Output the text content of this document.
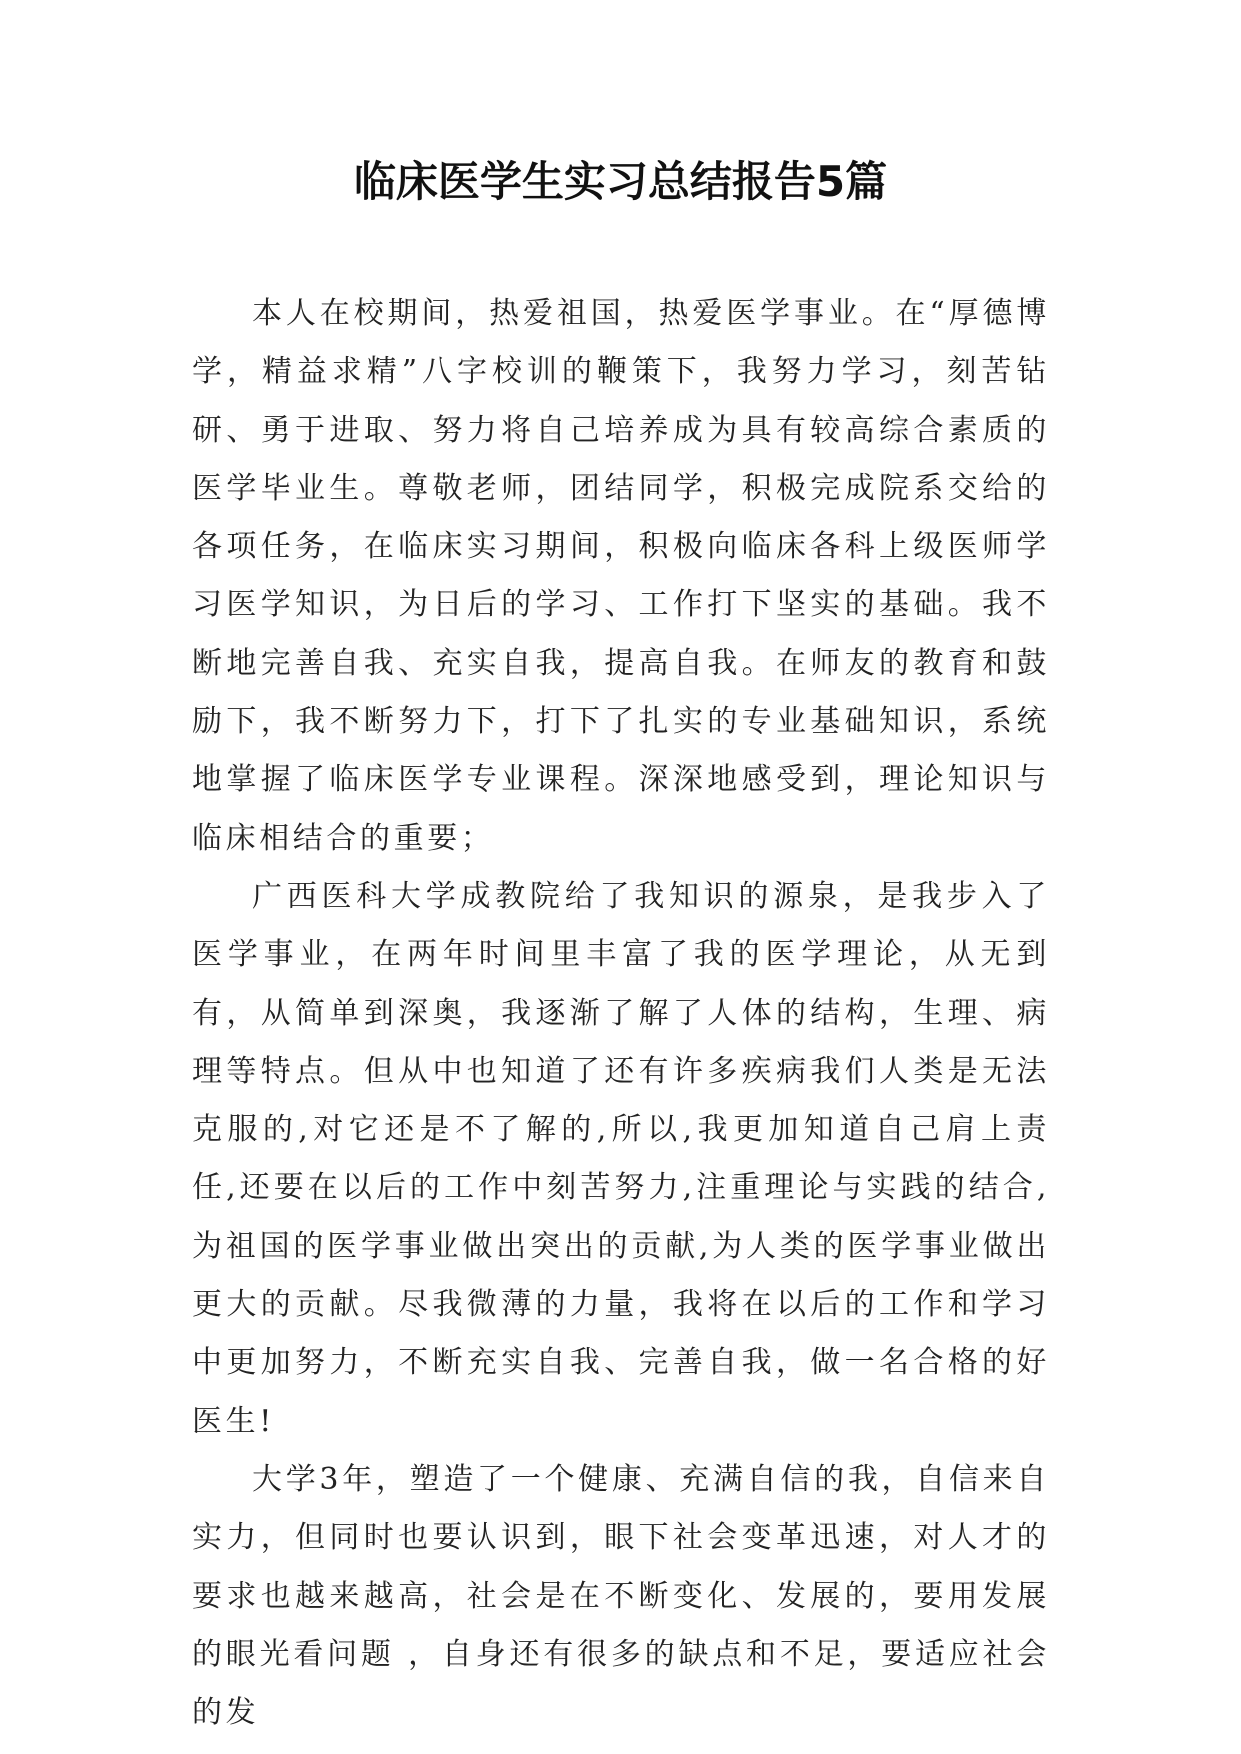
临床医学生实习总结报告5篇

本人在校期间，热爱祖国，热爱医学事业。在“厚德博学，精益求精”八字校训的鞭策下，我努力学习，刻苦钻研、勇于进取、努力将自己培养成为具有较高综合素质的医学毕业生。尊敬老师，团结同学，积极完成院系交给的各项任务，在临床实习期间，积极向临床各科上级医师学习医学知识，为日后的学习、工作打下坚实的基础。我不断地完善自我、充实自我，提高自我。在师友的教育和鼓励下，我不断努力下，打下了扎实的专业基础知识，系统地掌握了临床医学专业课程。深深地感受到，理论知识与临床相结合的重要；

广西医科大学成教院给了我知识的源泉，是我步入了医学事业，在两年时间里丰富了我的医学理论，从无到有，从简单到深奥，我逐渐了解了人体的结构，生理、病理等特点。但从中也知道了还有许多疾病我们人类是无法克服的,对它还是不了解的,所以,我更加知道自己肩上责任,还要在以后的工作中刻苦努力,注重理论与实践的结合,为祖国的医学事业做出突出的贡献,为人类的医学事业做出更大的贡献。尽我微薄的力量，我将在以后的工作和学习中更加努力，不断充实自我、完善自我，做一名合格的好医生!

大学3年，塑造了一个健康、充满自信的我，自信来自实力，但同时也要认识到，眼下社会变革迅速，对人才的要求也越来越高，社会是在不断变化、发展的，要用发展的眼光看问题 ，自身还有很多的缺点和不足，要适应社会的发
